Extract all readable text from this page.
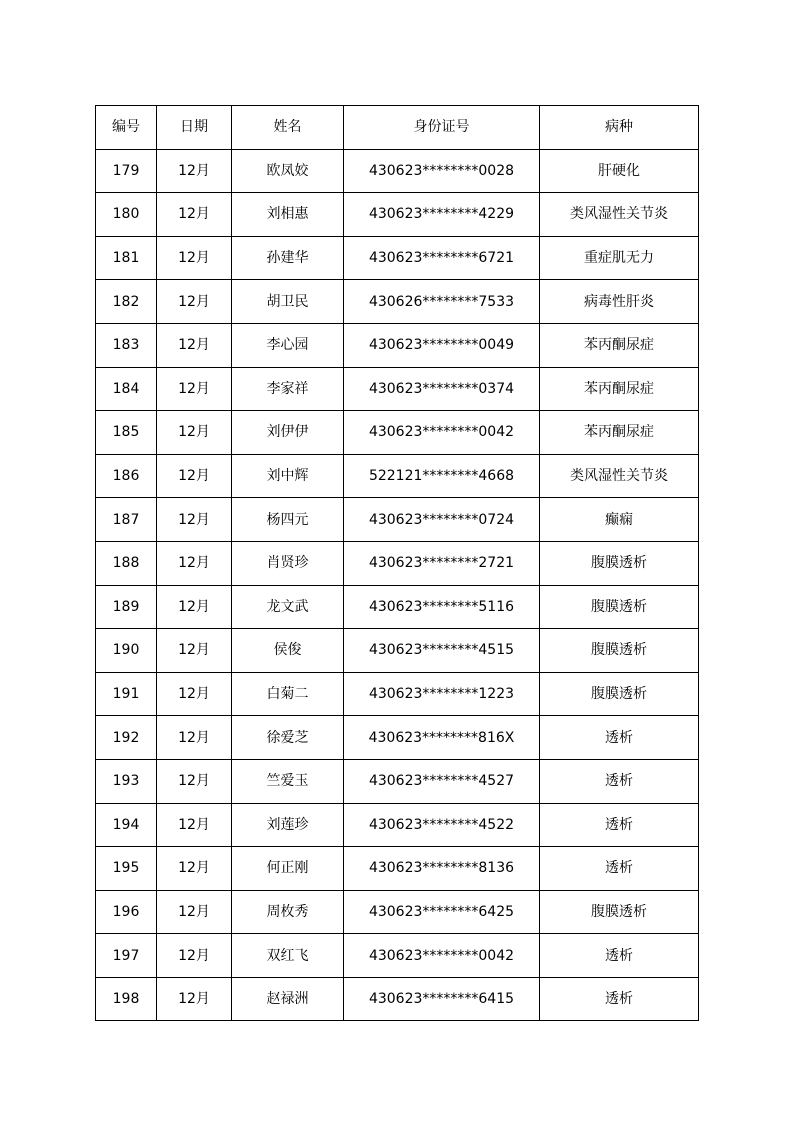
编号	日期	姓名	身份证号	病种
179	12月	欧凤姣	430623********0028	肝硬化
180	12月	刘相惠	430623********4229	类风湿性关节炎
181	12月	孙建华	430623********6721	重症肌无力
182	12月	胡卫民	430626********7533	病毒性肝炎
183	12月	李心园	430623********0049	苯丙酮尿症
184	12月	李家祥	430623********0374	苯丙酮尿症
185	12月	刘伊伊	430623********0042	苯丙酮尿症
186	12月	刘中辉	522121********4668	类风湿性关节炎
187	12月	杨四元	430623********0724	癫痫
188	12月	肖贤珍	430623********2721	腹膜透析
189	12月	龙文武	430623********5116	腹膜透析
190	12月	侯俊	430623********4515	腹膜透析
191	12月	白菊二	430623********1223	腹膜透析
192	12月	徐爱芝	430623********816X	透析
193	12月	竺爱玉	430623********4527	透析
194	12月	刘莲珍	430623********4522	透析
195	12月	何正刚	430623********8136	透析
196	12月	周枚秀	430623********6425	腹膜透析
197	12月	双红飞	430623********0042	透析
198	12月	赵禄洲	430623********6415	透析
